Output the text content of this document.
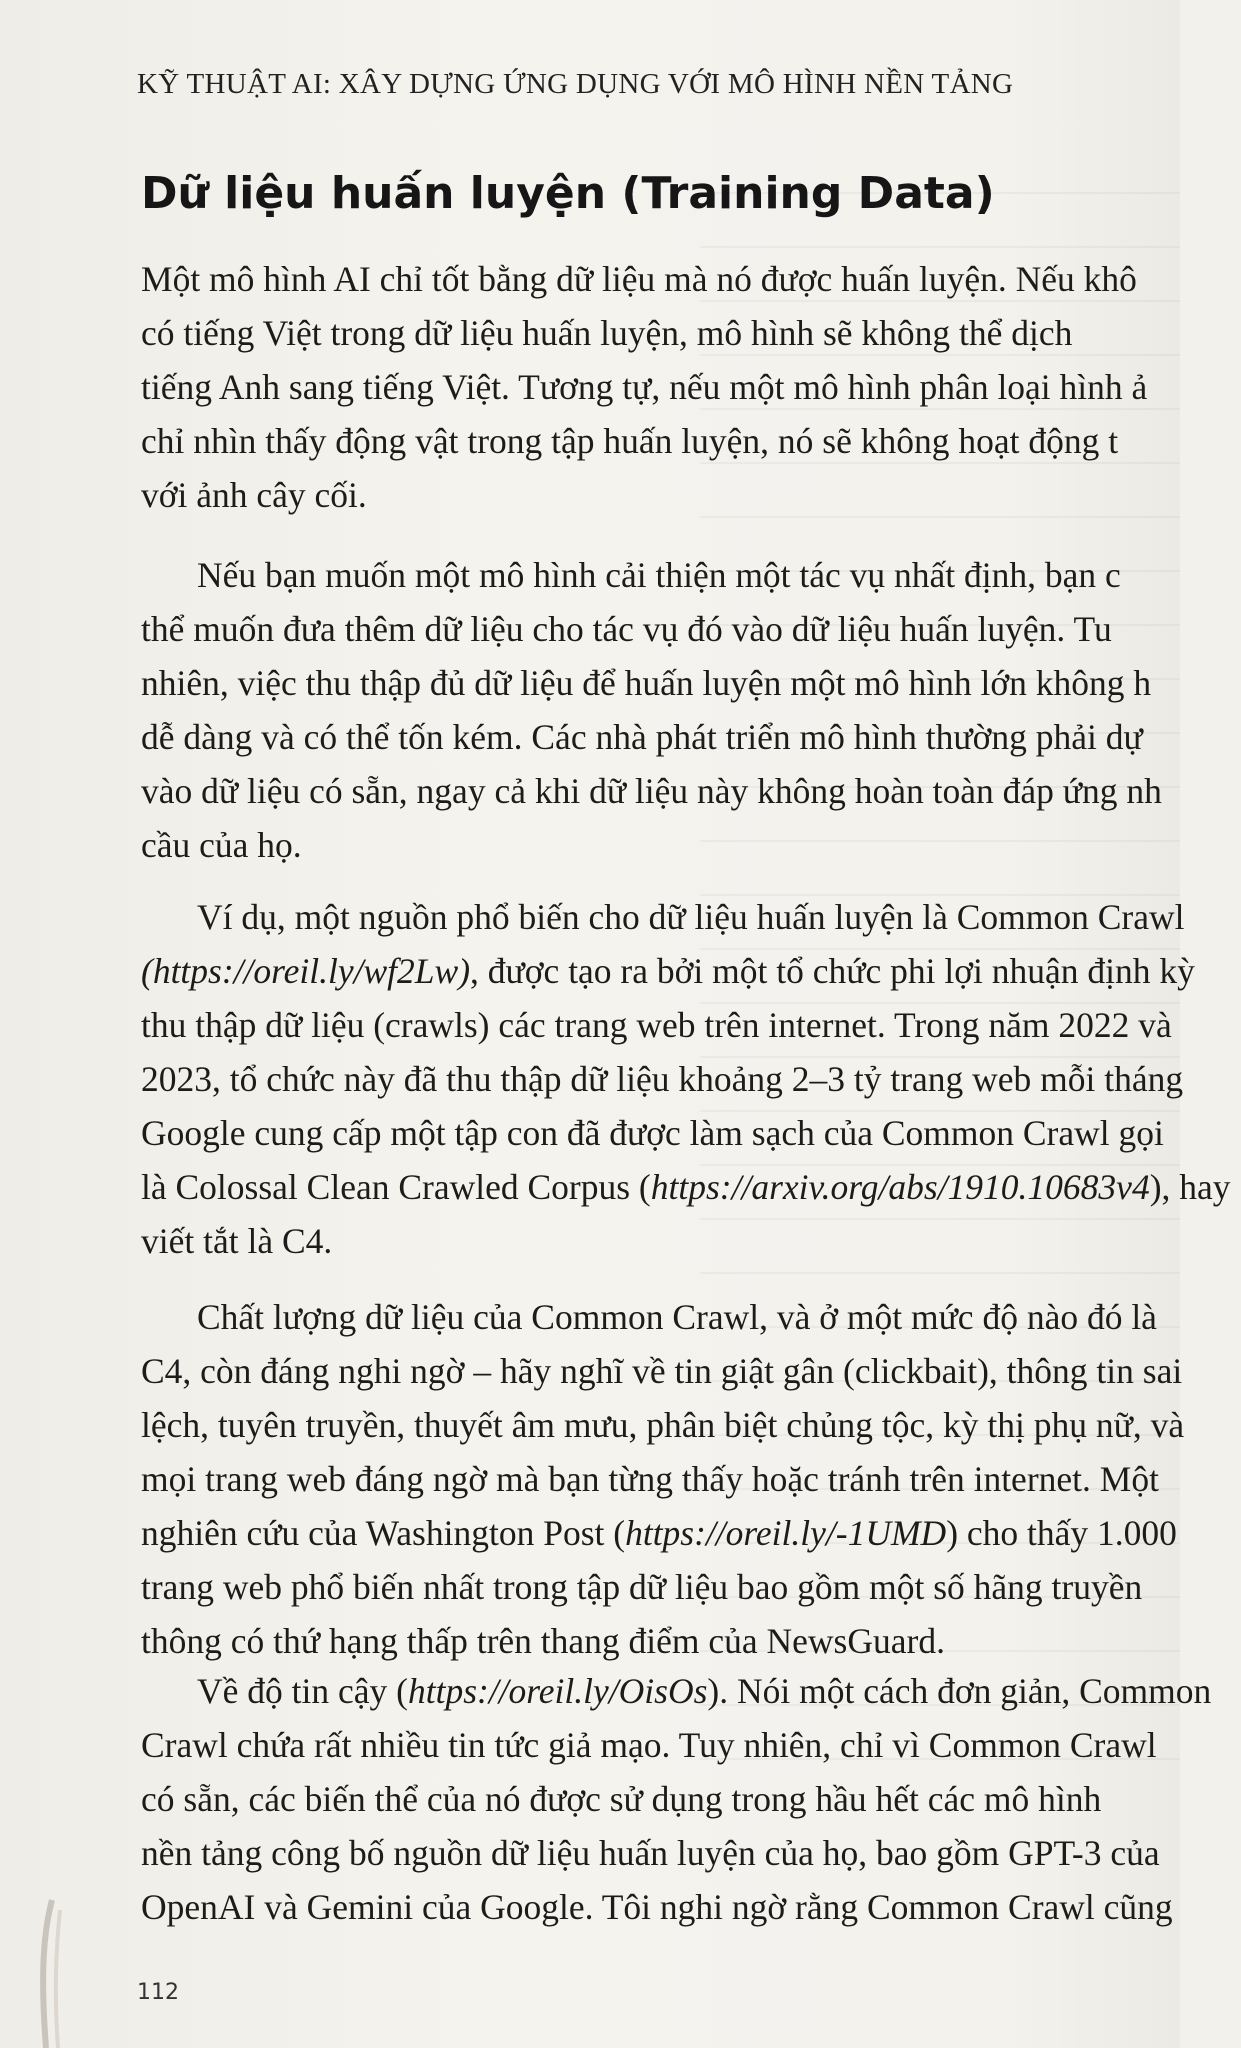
KỸ THUẬT AI: XÂY DỰNG ỨNG DỤNG VỚI MÔ HÌNH NỀN TẢNG
Dữ liệu huấn luyện (Training Data)
Một mô hình AI chỉ tốt bằng dữ liệu mà nó được huấn luyện. Nếu khô
có tiếng Việt trong dữ liệu huấn luyện, mô hình sẽ không thể dịch
tiếng Anh sang tiếng Việt. Tương tự, nếu một mô hình phân loại hình ả
chỉ nhìn thấy động vật trong tập huấn luyện, nó sẽ không hoạt động t
với ảnh cây cối.
Nếu bạn muốn một mô hình cải thiện một tác vụ nhất định, bạn c
thể muốn đưa thêm dữ liệu cho tác vụ đó vào dữ liệu huấn luyện. Tu
nhiên, việc thu thập đủ dữ liệu để huấn luyện một mô hình lớn không h
dễ dàng và có thể tốn kém. Các nhà phát triển mô hình thường phải dự
vào dữ liệu có sẵn, ngay cả khi dữ liệu này không hoàn toàn đáp ứng nh
cầu của họ.
Ví dụ, một nguồn phổ biến cho dữ liệu huấn luyện là Common Crawl
(https://oreil.ly/wf2Lw), được tạo ra bởi một tổ chức phi lợi nhuận định kỳ
thu thập dữ liệu (crawls) các trang web trên internet. Trong năm 2022 và
2023, tổ chức này đã thu thập dữ liệu khoảng 2–3 tỷ trang web mỗi tháng
Google cung cấp một tập con đã được làm sạch của Common Crawl gọi
là Colossal Clean Crawled Corpus (https://arxiv.org/abs/1910.10683v4), hay
viết tắt là C4.
Chất lượng dữ liệu của Common Crawl, và ở một mức độ nào đó là
C4, còn đáng nghi ngờ – hãy nghĩ về tin giật gân (clickbait), thông tin sai
lệch, tuyên truyền, thuyết âm mưu, phân biệt chủng tộc, kỳ thị phụ nữ, và
mọi trang web đáng ngờ mà bạn từng thấy hoặc tránh trên internet. Một
nghiên cứu của Washington Post (https://oreil.ly/-1UMD) cho thấy 1.000
trang web phổ biến nhất trong tập dữ liệu bao gồm một số hãng truyền
thông có thứ hạng thấp trên thang điểm của NewsGuard.
Về độ tin cậy (https://oreil.ly/OisOs). Nói một cách đơn giản, Common
Crawl chứa rất nhiều tin tức giả mạo. Tuy nhiên, chỉ vì Common Crawl
có sẵn, các biến thể của nó được sử dụng trong hầu hết các mô hình
nền tảng công bố nguồn dữ liệu huấn luyện của họ, bao gồm GPT-3 của
OpenAI và Gemini của Google. Tôi nghi ngờ rằng Common Crawl cũng
112
